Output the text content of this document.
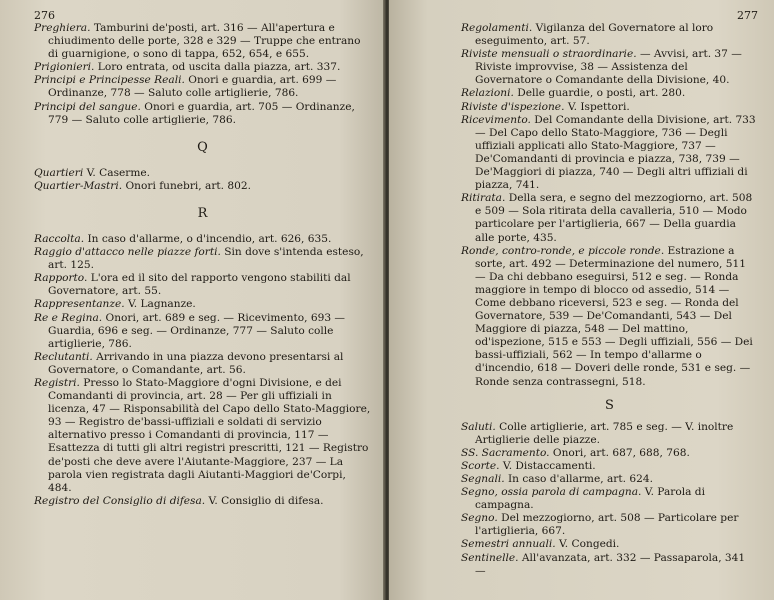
276
Preghiera. Tamburini de'posti, art. 316 — All'apertura e chiudimento delle porte, 328 e 329 — Truppe che entrano di guarnigione, o sono di tappa, 652, 654, e 655.
Prigionieri. Loro entrata, od uscita dalla piazza, art. 337.
Principi e Principesse Reali. Onori e guardia, art. 699 — Ordinanze, 778 — Saluto colle artiglierie, 786.
Principi del sangue. Onori e guardia, art. 705 — Ordinanze, 779 — Saluto colle artiglierie, 786.
Q
Quartieri V. Caserme.
Quartier-Mastri. Onori funebri, art. 802.
R
Raccolta. In caso d'allarme, o d'incendio, art. 626, 635.
Raggio d'attacco nelle piazze forti. Sin dove s'intenda esteso, art. 125.
Rapporto. L'ora ed il sito del rapporto vengono stabiliti dal Governatore, art. 55.
Rappresentanze. V. Lagnanze.
Re e Regina. Onori, art. 689 e seg. — Ricevimento, 693 — Guardia, 696 e seg. — Ordinanze, 777 — Saluto colle artiglierie, 786.
Reclutanti. Arrivando in una piazza devono presentarsi al Governatore, o Comandante, art. 56.
Registri. Presso lo Stato-Maggiore d'ogni Divisione, e dei Comandanti di provincia, art. 28 — Per gli uffiziali in licenza, 47 — Risponsabilità del Capo dello Stato-Maggiore, 93 — Registro de'bassi-uffiziali e soldati di servizio alternativo presso i Comandanti di provincia, 117 — Esattezza di tutti gli altri registri prescritti, 121 — Registro de'posti che deve avere l'Aiutante-Maggiore, 237 — La parola vien registrata dagli Aiutanti-Maggiori de'Corpi, 484.
Registro del Consiglio di difesa. V. Consiglio di difesa.
277
Regolamenti. Vigilanza del Governatore al loro eseguimento, art. 57.
Riviste mensuali o straordinarie. — Avvisi, art. 37 — Riviste improvvise, 38 — Assistenza del Governatore o Comandante della Divisione, 40.
Relazioni. Delle guardie, o posti, art. 280.
Riviste d'ispezione. V. Ispettori.
Ricevimento. Del Comandante della Divisione, art. 733 — Del Capo dello Stato-Maggiore, 736 — Degli uffiziali applicati allo Stato-Maggiore, 737 — De'Comandanti di provincia e piazza, 738, 739 — De'Maggiori di piazza, 740 — Degli altri uffiziali di piazza, 741.
Ritirata. Della sera, e segno del mezzogiorno, art. 508 e 509 — Sola ritirata della cavalleria, 510 — Modo particolare per l'artiglieria, 667 — Della guardia alle porte, 435.
Ronde, contro-ronde, e piccole ronde. Estrazione a sorte, art. 492 — Determinazione del numero, 511 — Da chi debbano eseguirsi, 512 e seg. — Ronda maggiore in tempo di blocco od assedio, 514 — Come debbano riceversi, 523 e seg. — Ronda del Governatore, 539 — De'Comandanti, 543 — Del Maggiore di piazza, 548 — Del mattino, od'ispezione, 515 e 553 — Degli uffiziali, 556 — Dei bassi-uffiziali, 562 — In tempo d'allarme o d'incendio, 618 — Doveri delle ronde, 531 e seg. — Ronde senza contrassegni, 518.
S
Saluti. Colle artiglierie, art. 785 e seg. — V. inoltre Artiglierie delle piazze.
SS. Sacramento. Onori, art. 687, 688, 768.
Scorte. V. Distaccamenti.
Segnali. In caso d'allarme, art. 624.
Segno, ossia parola di campagna. V. Parola di campagna.
Segno. Del mezzogiorno, art. 508 — Particolare per l'artiglieria, 667.
Semestri annuali. V. Congedi.
Sentinelle. All'avanzata, art. 332 — Passaparola, 341 —
